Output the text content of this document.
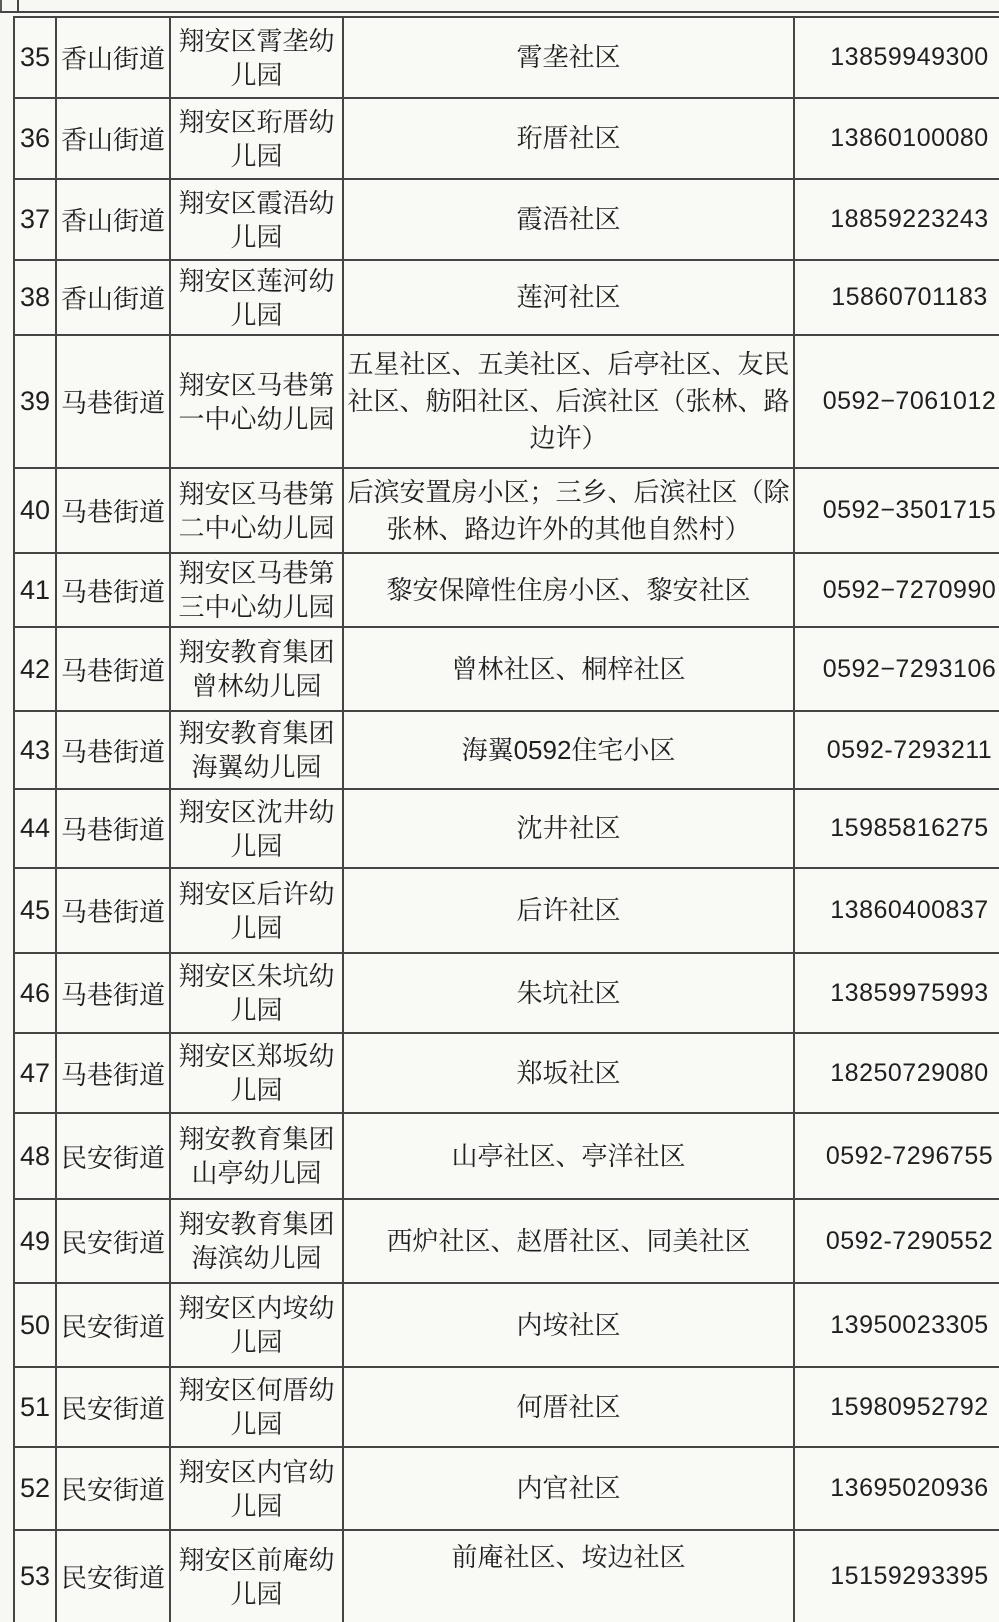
35	香山街道	翔安区霄垄幼儿园	霄垄社区	13859949300
36	香山街道	翔安区珩厝幼儿园	珩厝社区	13860100080
37	香山街道	翔安区霞浯幼儿园	霞浯社区	18859223243
38	香山街道	翔安区莲河幼儿园	莲河社区	15860701183
39	马巷街道	翔安区马巷第一中心幼儿园	五星社区、五美社区、后亭社区、友民社区、舫阳社区、后滨社区（张林、路边许）	0592−7061012
40	马巷街道	翔安区马巷第二中心幼儿园	后滨安置房小区；三乡、后滨社区（除张林、路边许外的其他自然村）	0592−3501715
41	马巷街道	翔安区马巷第三中心幼儿园	黎安保障性住房小区、黎安社区	0592−7270990
42	马巷街道	翔安教育集团曾林幼儿园	曾林社区、桐梓社区	0592−7293106
43	马巷街道	翔安教育集团海翼幼儿园	海翼0592住宅小区	0592-7293211
44	马巷街道	翔安区沈井幼儿园	沈井社区	15985816275
45	马巷街道	翔安区后许幼儿园	后许社区	13860400837
46	马巷街道	翔安区朱坑幼儿园	朱坑社区	13859975993
47	马巷街道	翔安区郑坂幼儿园	郑坂社区	18250729080
48	民安街道	翔安教育集团山亭幼儿园	山亭社区、亭洋社区	0592-7296755
49	民安街道	翔安教育集团海滨幼儿园	西炉社区、赵厝社区、同美社区	0592-7290552
50	民安街道	翔安区内垵幼儿园	内垵社区	13950023305
51	民安街道	翔安区何厝幼儿园	何厝社区	15980952792
52	民安街道	翔安区内官幼儿园	内官社区	13695020936
53	民安街道	翔安区前庵幼儿园	前庵社区、垵边社区	15159293395
